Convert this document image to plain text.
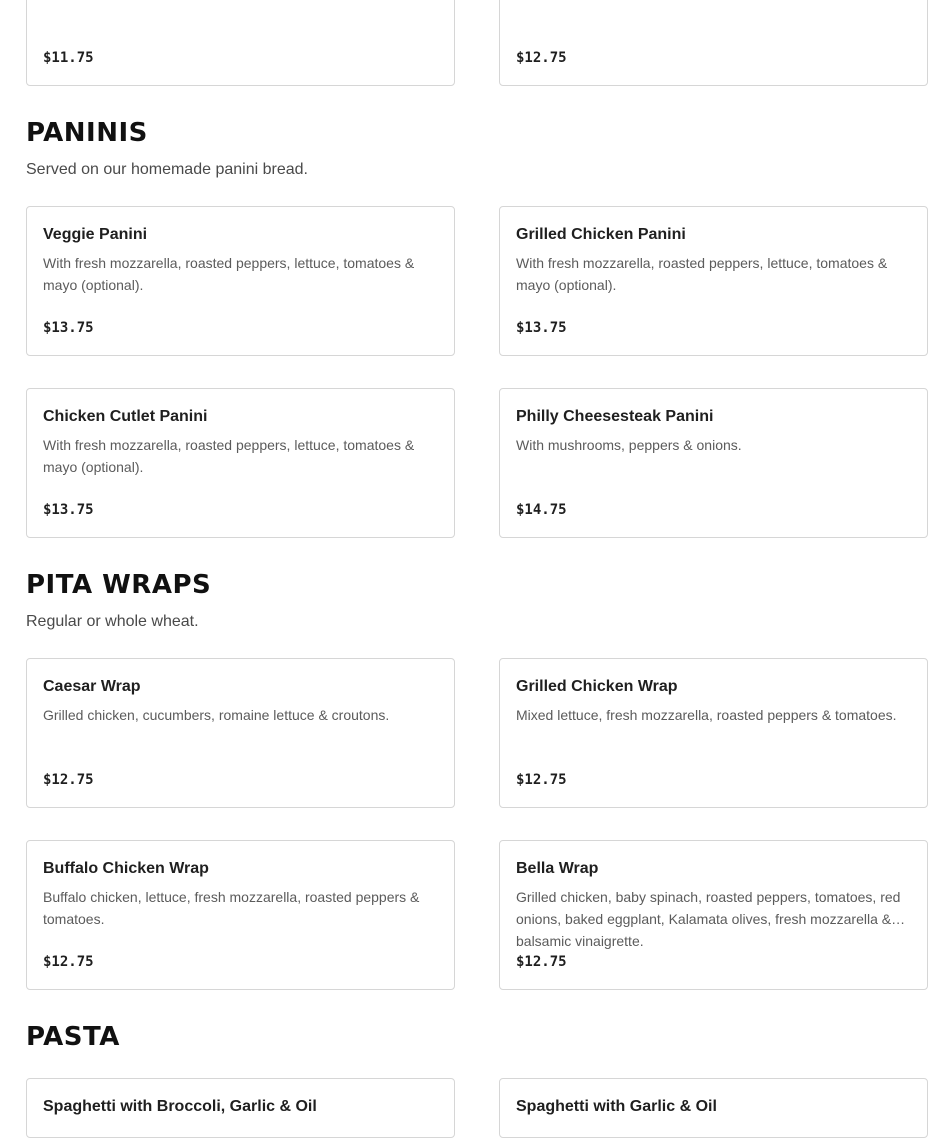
$11.75	$12.75
PANINIS

Served on our homemade panini bread.

Veggie Panini
With fresh mozzarella, roasted peppers, lettuce, tomatoes & mayo (optional).
$13.75
Grilled Chicken Panini
With fresh mozzarella, roasted peppers, lettuce, tomatoes & mayo (optional).
$13.75
Chicken Cutlet Panini
With fresh mozzarella, roasted peppers, lettuce, tomatoes & mayo (optional).
$13.75
Philly Cheesesteak Panini
With mushrooms, peppers & onions.
$14.75
PITA WRAPS

Regular or whole wheat.

Caesar Wrap
Grilled chicken, cucumbers, romaine lettuce & croutons.
$12.75
Grilled Chicken Wrap
Mixed lettuce, fresh mozzarella, roasted peppers & tomatoes.
$12.75
Buffalo Chicken Wrap
Buffalo chicken, lettuce, fresh mozzarella, roasted peppers & tomatoes.
$12.75
Bella Wrap
Grilled chicken, baby spinach, roasted peppers, tomatoes, red onions, baked eggplant, Kalamata olives, fresh mozzarella & balsamic vinaigrette.
$12.75
PASTA
Spaghetti with Broccoli, Garlic & Oil	Spaghetti with Garlic & Oil
